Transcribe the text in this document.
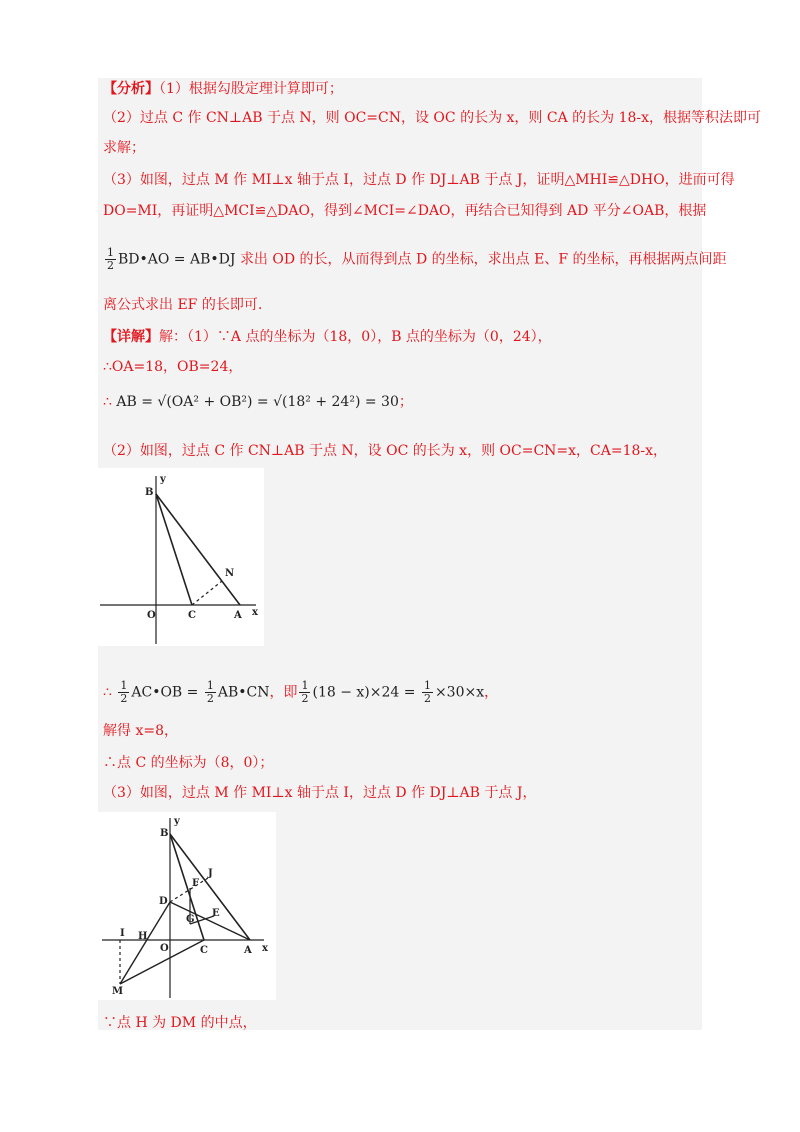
【分析】（1）根据勾股定理计算即可；
（2）过点 C 作 CN⊥AB 于点 N，则 OC=CN，设 OC 的长为 x，则 CA 的长为 18-x，根据等积法即可
求解；
（3）如图，过点 M 作 MI⊥x 轴于点 I，过点 D 作 DJ⊥AB 于点 J，证明△MHI≌△DHO，进而可得
DO=MI，再证明△MCI≌△DAO，得到∠MCI=∠DAO，再结合已知得到 AD 平分∠OAB，根据
$\frac{1}{2}$ BD•AO = AB•DJ 求出 OD 的长，从而得到点 D 的坐标，求出点 E、F 的坐标，再根据两点间距
离公式求出 EF 的长即可.
【详解】解：（1）∵A 点的坐标为（18，0），B 点的坐标为（0，24），
∴OA=18，OB=24，
∴ AB = √(OA² + OB²) = √(18² + 24²) = 30；
（2）如图，过点 C 作 CN⊥AB 于点 N，设 OC 的长为 x，则 OC=CN=x，CA=18-x，
B
y
N
O	C	A x
∴ $\frac{1}{2}$ AC•OB = $\frac{1}{2}$ AB•CN，即 $\frac{1}{2} (18 - x)\times 24 = \frac{1}{2} \times 30\times x$，
解得 x=8，
∴点 C 的坐标为（8，0）；
（3）如图，过点 M 作 MI⊥x 轴于点 I，过点 D 作 DJ⊥AB 于点 J，
B
y
J
F
D
G
E
I H
O	C	A x
M
∵点 H 为 DM 的中点，
